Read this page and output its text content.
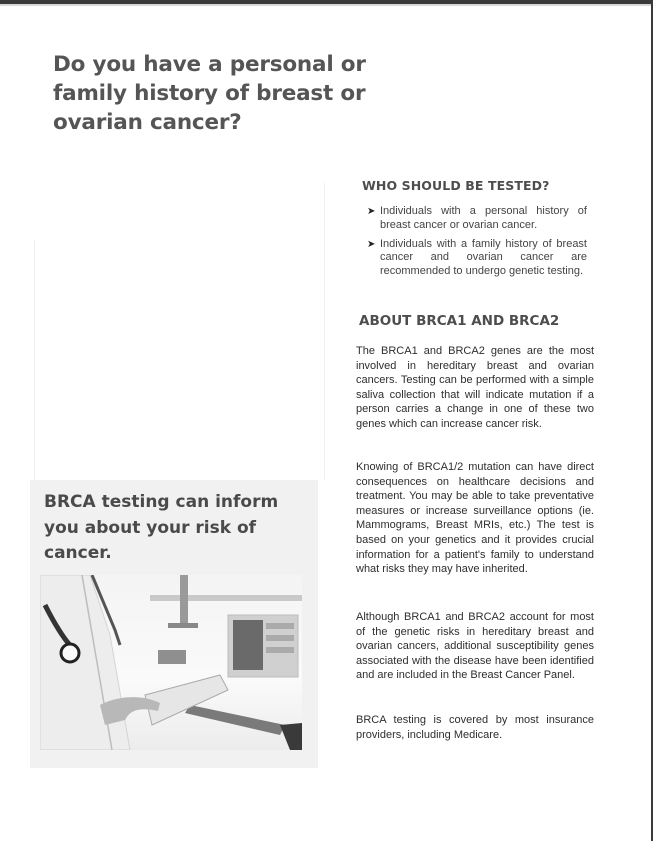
Do you have a personal or family history of breast or ovarian cancer?
BRCA testing can inform you about your risk of cancer.
WHO SHOULD BE TESTED?
➤ Individuals with a personal history of breast cancer or ovarian cancer.
➤ Individuals with a family history of breast cancer and ovarian cancer are recommended to undergo genetic testing.
ABOUT BRCA1 AND BRCA2

The BRCA1 and BRCA2 genes are the most involved in hereditary breast and ovarian cancers. Testing can be performed with a simple saliva collection that will indicate mutation if a person carries a change in one of these two genes which can increase cancer risk.

Knowing of BRCA1/2 mutation can have direct consequences on healthcare decisions and treatment. You may be able to take preventative measures or increase surveillance options (ie. Mammograms, Breast MRIs, etc.) The test is based on your genetics and it provides crucial information for a patient's family to understand what risks they may have inherited.

Although BRCA1 and BRCA2 account for most of the genetic risks in hereditary breast and ovarian cancers, additional susceptibility genes associated with the disease have been identified and are included in the Breast Cancer Panel.

BRCA testing is covered by most insurance providers, including Medicare.
